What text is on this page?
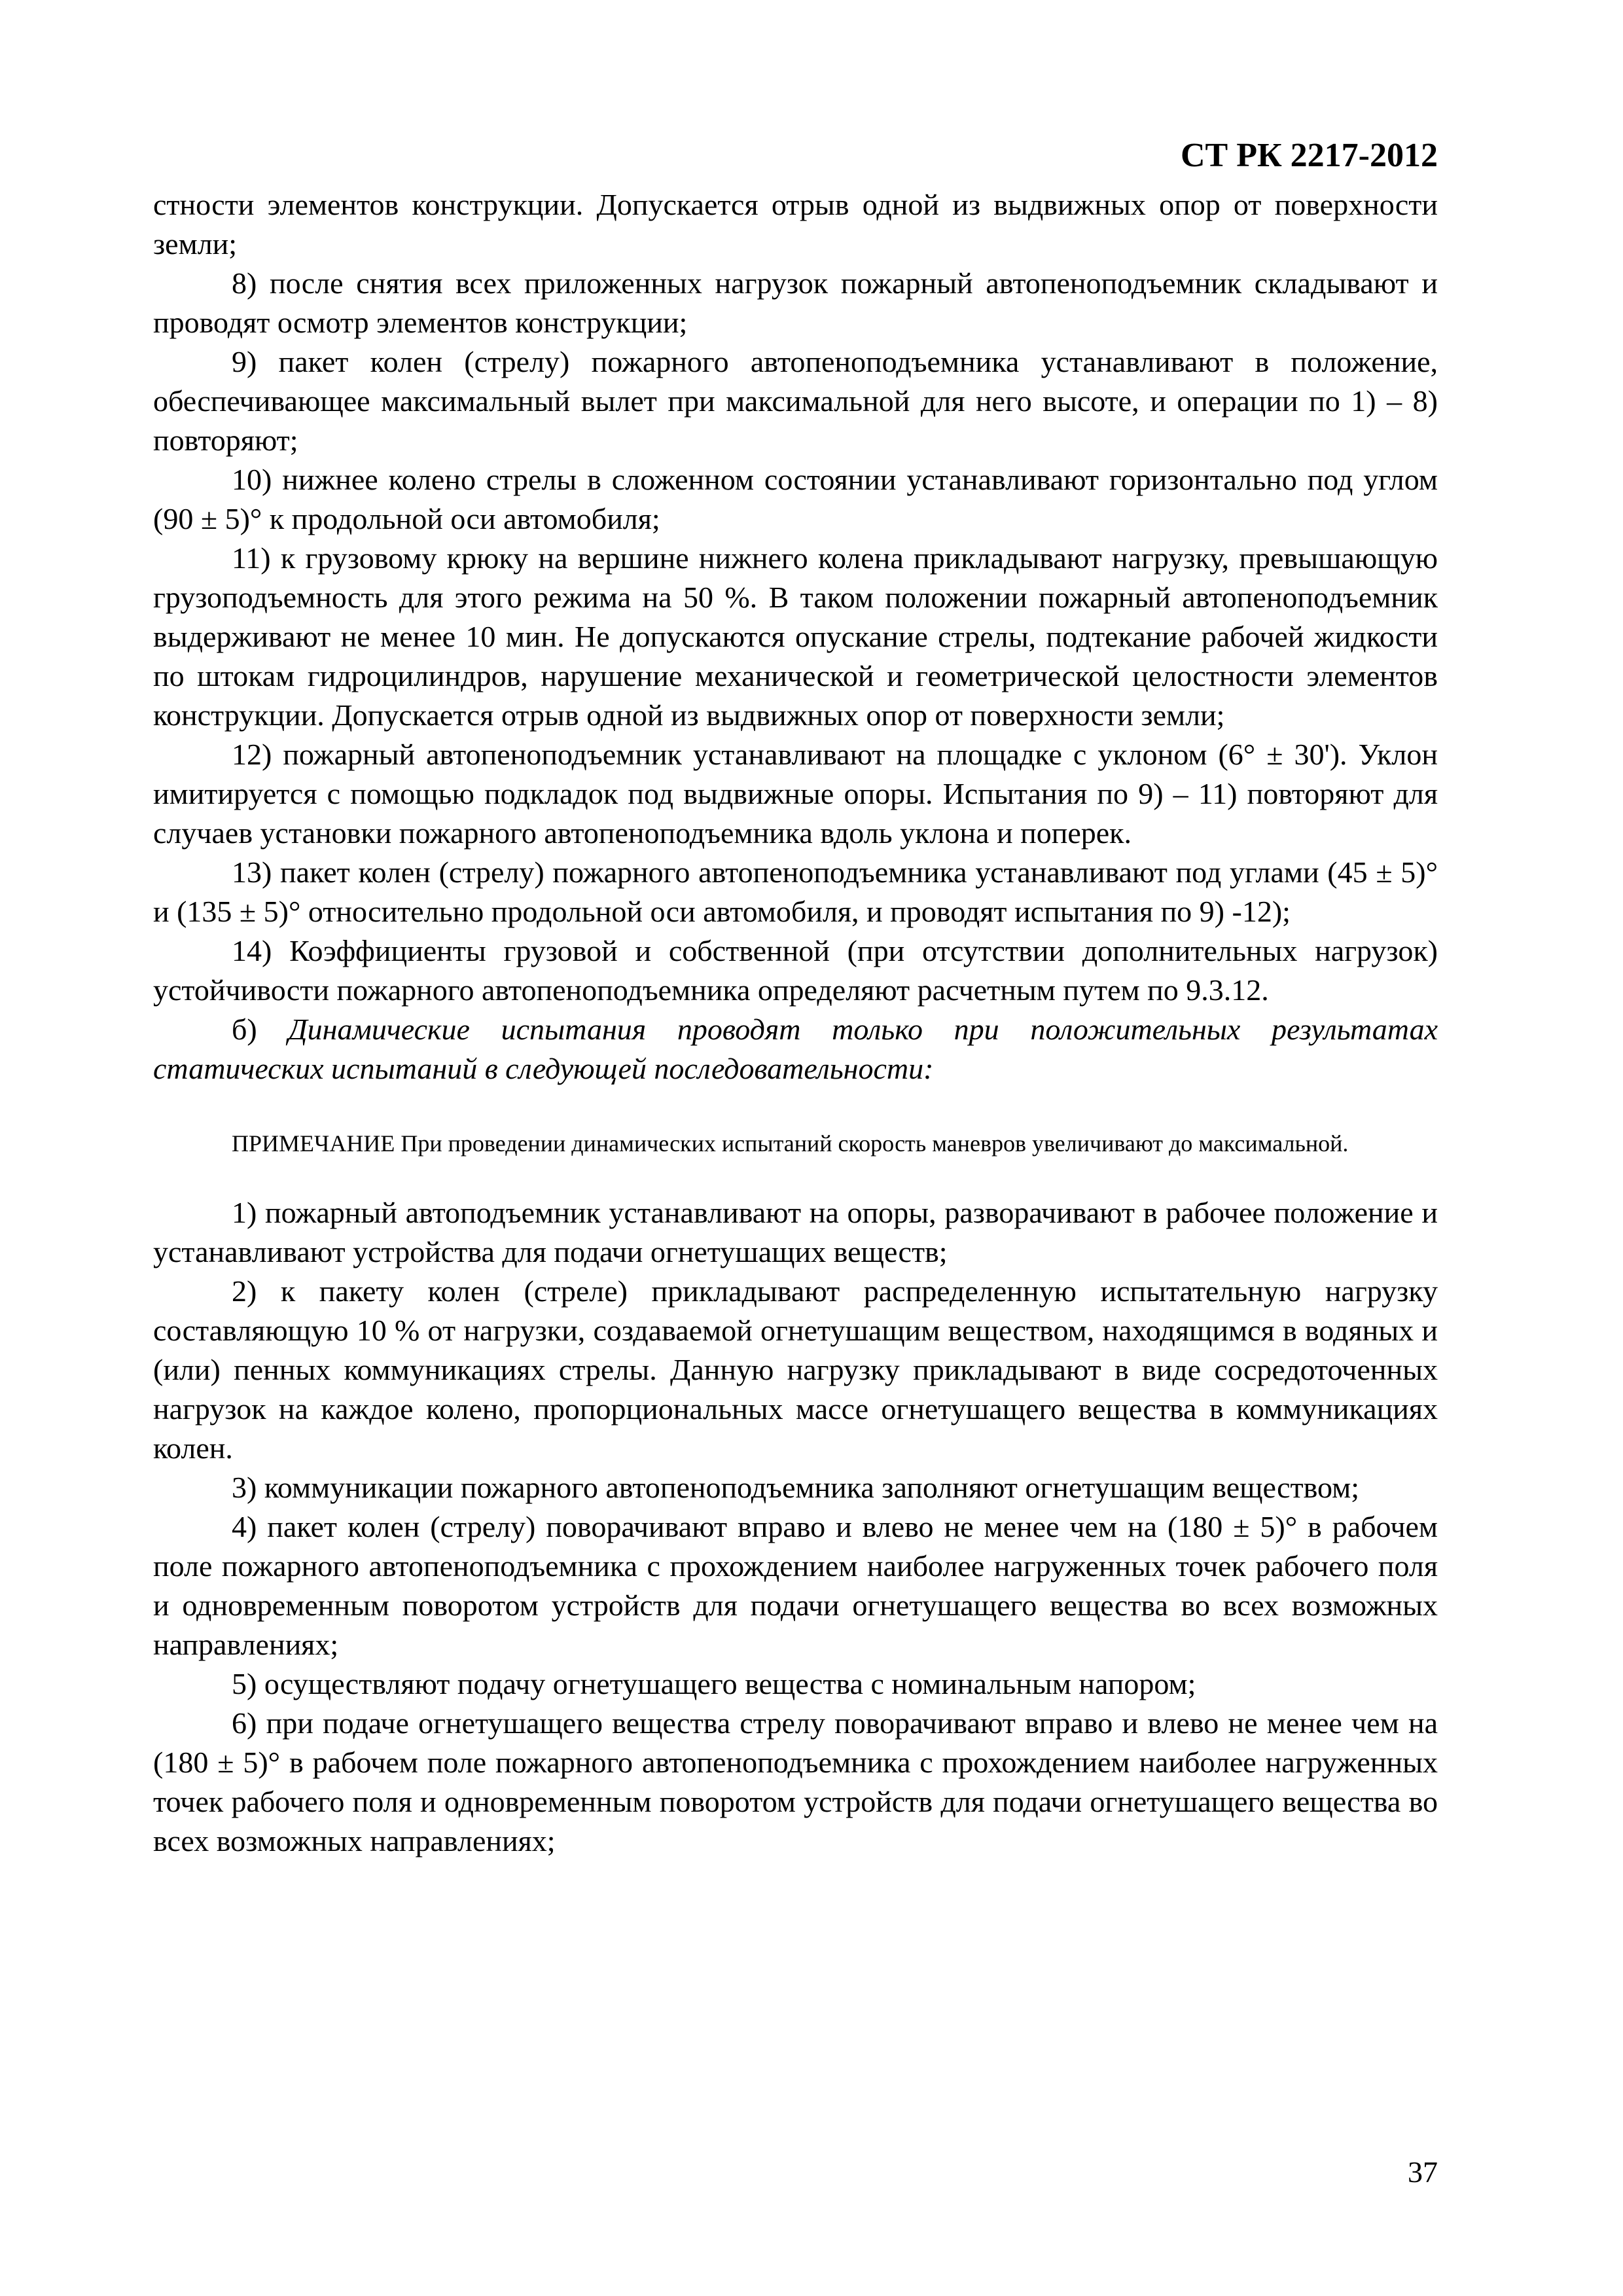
СТ РК 2217-2012

стности элементов конструкции. Допускается отрыв одной из выдвижных опор от поверхности земли;

8) после снятия всех приложенных нагрузок пожарный автопеноподъемник складывают и проводят осмотр элементов конструкции;

9) пакет колен (стрелу) пожарного автопеноподъемника устанавливают в положение, обеспечивающее максимальный вылет при максимальной для него высоте, и операции по 1) – 8) повторяют;

10) нижнее колено стрелы в сложенном состоянии устанавливают горизонтально под углом (90 ± 5)° к продольной оси автомобиля;

11) к грузовому крюку на вершине нижнего колена прикладывают нагрузку, превышающую грузоподъемность для этого режима на 50 %. В таком положении пожарный автопеноподъемник выдерживают не менее 10 мин. Не допускаются опускание стрелы, подтекание рабочей жидкости по штокам гидроцилиндров, нарушение механической и геометрической целостности элементов конструкции. Допускается отрыв одной из выдвижных опор от поверхности земли;

12) пожарный автопеноподъемник устанавливают на площадке с уклоном (6° ± 30'). Уклон имитируется с помощью подкладок под выдвижные опоры. Испытания по 9) – 11) повторяют для случаев установки пожарного автопеноподъемника вдоль уклона и поперек.

13) пакет колен (стрелу) пожарного автопеноподъемника устанавливают под углами (45 ± 5)° и (135 ± 5)° относительно продольной оси автомобиля, и проводят испытания по 9) -12);

14) Коэффициенты грузовой и собственной (при отсутствии дополнительных нагрузок) устойчивости пожарного автопеноподъемника определяют расчетным путем по 9.3.12.

б) Динамические испытания проводят только при положительных результатах статических испытаний в следующей последовательности:

ПРИМЕЧАНИЕ При проведении динамических испытаний скорость маневров увеличивают до максимальной.

1) пожарный автоподъемник устанавливают на опоры, разворачивают в рабочее положение и устанавливают устройства для подачи огнетушащих веществ;

2) к пакету колен (стреле) прикладывают распределенную испытательную нагрузку составляющую 10 % от нагрузки, создаваемой огнетушащим веществом, находящимся в водяных и (или) пенных коммуникациях стрелы. Данную нагрузку прикладывают в виде сосредоточенных нагрузок на каждое колено, пропорциональных массе огнетушащего вещества в коммуникациях колен.

3) коммуникации пожарного автопеноподъемника заполняют огнетушащим веществом;

4) пакет колен (стрелу) поворачивают вправо и влево не менее чем на (180 ± 5)° в рабочем поле пожарного автопеноподъемника с прохождением наиболее нагруженных точек рабочего поля и одновременным поворотом устройств для подачи огнетушащего вещества во всех возможных направлениях;

5) осуществляют подачу огнетушащего вещества с номинальным напором;

6) при подаче огнетушащего вещества стрелу поворачивают вправо и влево не менее чем на (180 ± 5)° в рабочем поле пожарного автопеноподъемника с прохождением наиболее нагруженных точек рабочего поля и одновременным поворотом устройств для подачи огнетушащего вещества во всех возможных направлениях;

37
